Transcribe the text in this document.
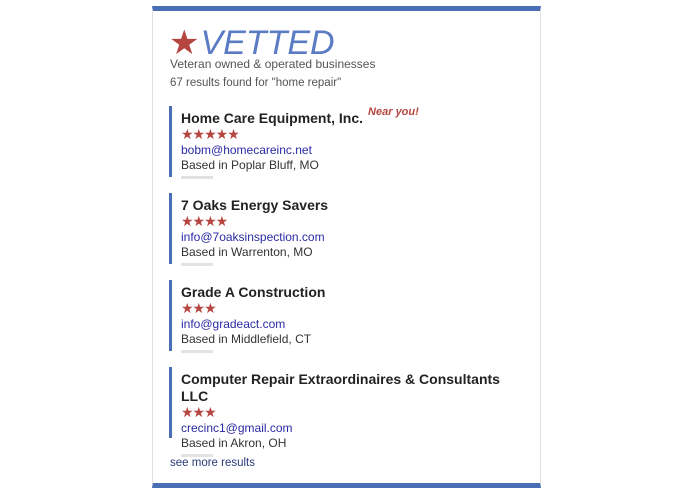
★ VETTED
Veteran owned & operated businesses
67 results found for "home repair"
Home Care Equipment, Inc. Near you!
★★★★★
bobm@homecareinc.net
Based in Poplar Bluff, MO
7 Oaks Energy Savers
★★★★
info@7oaksinspection.com
Based in Warrenton, MO
Grade A Construction
★★★
info@gradeact.com
Based in Middlefield, CT
Computer Repair Extraordinaires & Consultants LLC
★★★
crecinc1@gmail.com
Based in Akron, OH
see more results
